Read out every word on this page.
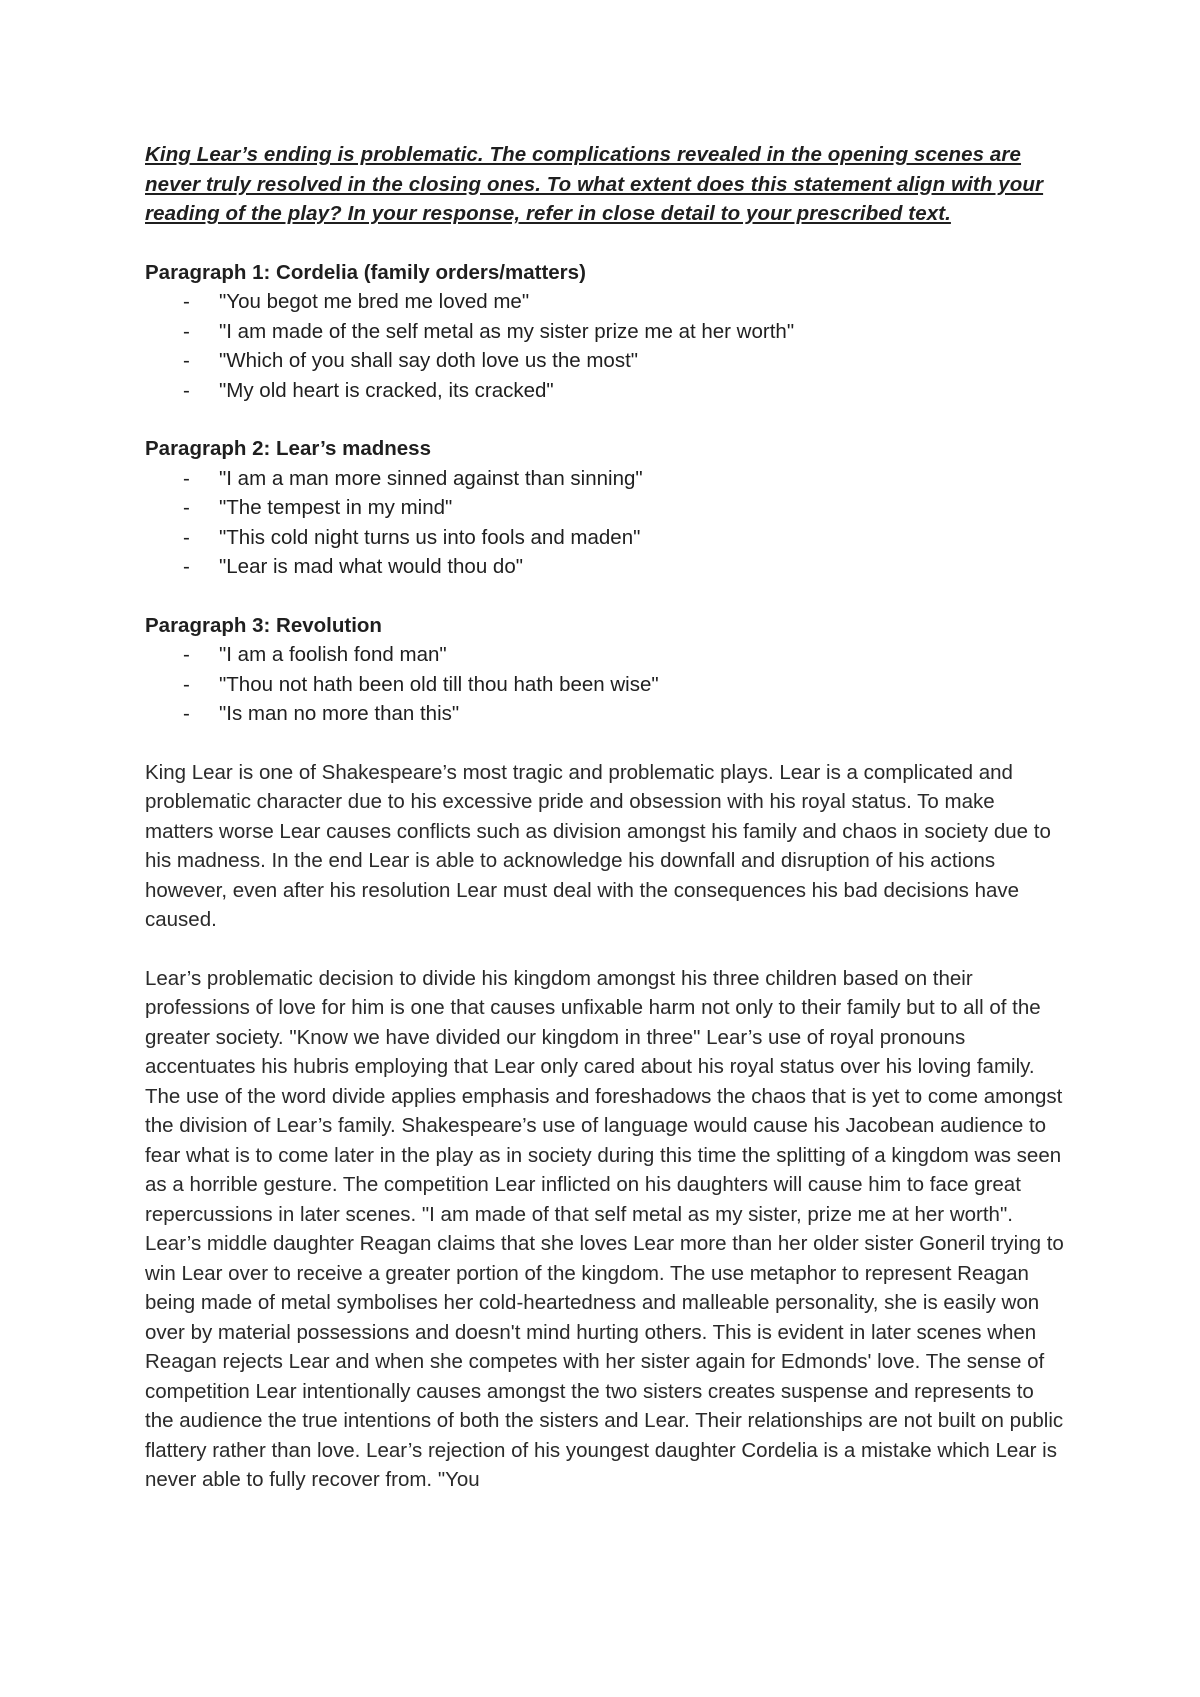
King Lear’s ending is problematic. The complications revealed in the opening scenes are never truly resolved in the closing ones. To what extent does this statement align with your reading of the play? In your response, refer in close detail to your prescribed text.

Paragraph 1: Cordelia (family orders/matters)

- "You begot me bred me loved me"
- "I am made of the self metal as my sister prize me at her worth"
- "Which of you shall say doth love us the most"
- "My old heart is cracked, its cracked"

Paragraph 2: Lear’s madness

- "I am a man more sinned against than sinning"
- "The tempest in my mind"
- "This cold night turns us into fools and maden"
- "Lear is mad what would thou do"

Paragraph 3: Revolution

- "I am a foolish fond man"
- "Thou not hath been old till thou hath been wise"
- "Is man no more than this"

King Lear is one of Shakespeare’s most tragic and problematic plays. Lear is a complicated and problematic character due to his excessive pride and obsession with his royal status. To make matters worse Lear causes conflicts such as division amongst his family and chaos in society due to his madness. In the end Lear is able to acknowledge his downfall and disruption of his actions however, even after his resolution Lear must deal with the consequences his bad decisions have caused.

Lear’s problematic decision to divide his kingdom amongst his three children based on their professions of love for him is one that causes unfixable harm not only to their family but to all of the greater society. "Know we have divided our kingdom in three" Lear’s use of royal pronouns accentuates his hubris employing that Lear only cared about his royal status over his loving family. The use of the word divide applies emphasis and foreshadows the chaos that is yet to come amongst the division of Lear’s family. Shakespeare’s use of language would cause his Jacobean audience to fear what is to come later in the play as in society during this time the splitting of a kingdom was seen as a horrible gesture. The competition Lear inflicted on his daughters will cause him to face great repercussions in later scenes. "I am made of that self metal as my sister, prize me at her worth". Lear’s middle daughter Reagan claims that she loves Lear more than her older sister Goneril trying to win Lear over to receive a greater portion of the kingdom. The use metaphor to represent Reagan being made of metal symbolises her cold-heartedness and malleable personality, she is easily won over by material possessions and doesn't mind hurting others. This is evident in later scenes when Reagan rejects Lear and when she competes with her sister again for Edmonds' love. The sense of competition Lear intentionally causes amongst the two sisters creates suspense and represents to the audience the true intentions of both the sisters and Lear. Their relationships are not built on public flattery rather than love. Lear’s rejection of his youngest daughter Cordelia is a mistake which Lear is never able to fully recover from. "You
